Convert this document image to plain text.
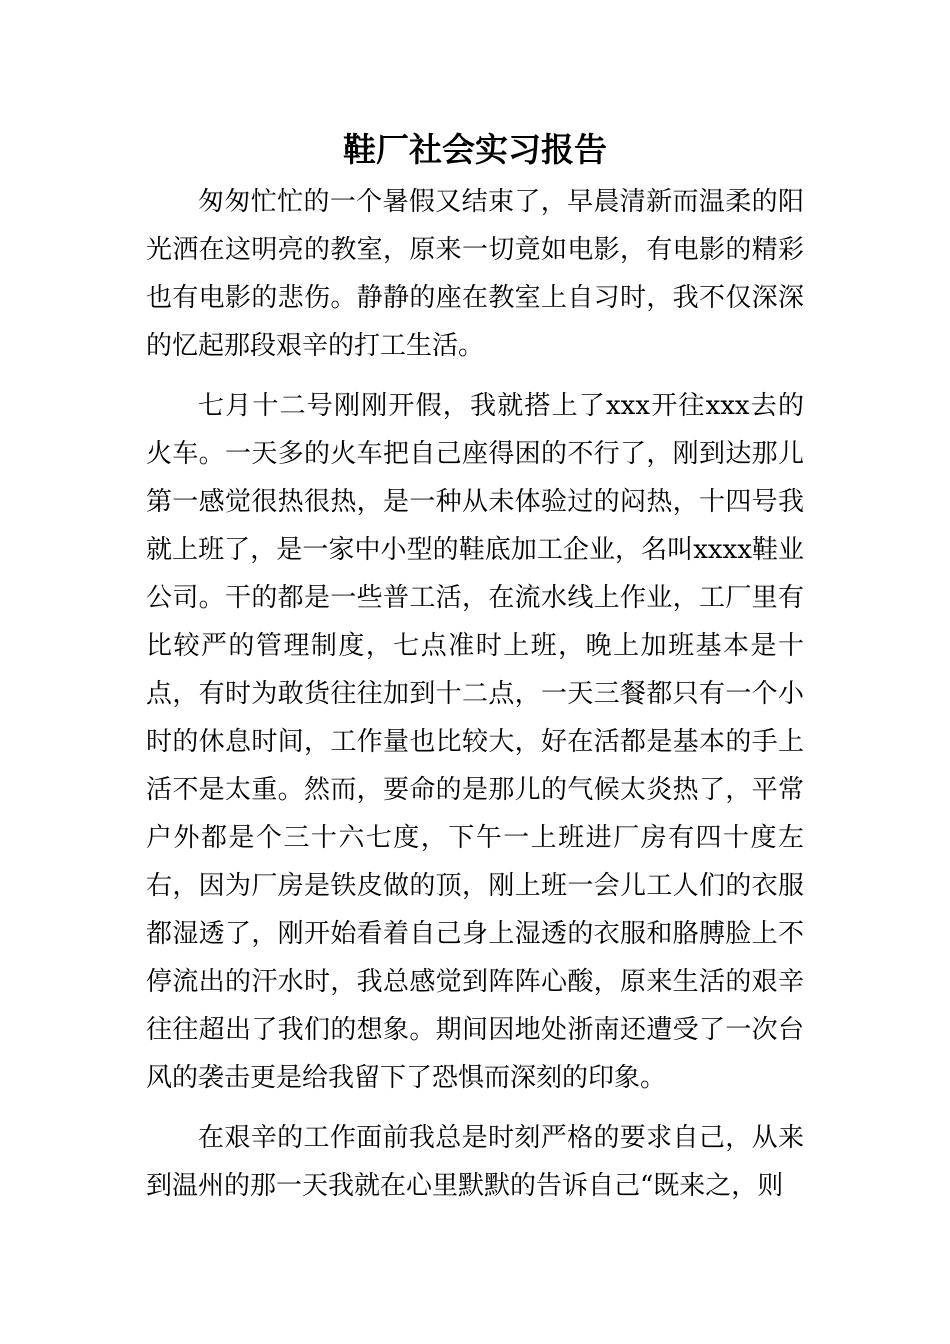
鞋厂社会实习报告

匆匆忙忙的一个暑假又结束了，早晨清新而温柔的阳光洒在这明亮的教室，原来一切竟如电影，有电影的精彩也有电影的悲伤。静静的座在教室上自习时，我不仅深深的忆起那段艰辛的打工生活。

七月十二号刚刚开假，我就搭上了xxx开往xxx去的火车。一天多的火车把自己座得困的不行了，刚到达那儿第一感觉很热很热，是一种从未体验过的闷热，十四号我就上班了，是一家中小型的鞋底加工企业，名叫xxxx鞋业公司。干的都是一些普工活，在流水线上作业，工厂里有比较严的管理制度，七点准时上班，晚上加班基本是十点，有时为敢货往往加到十二点，一天三餐都只有一个小时的休息时间，工作量也比较大，好在活都是基本的手上活不是太重。然而，要命的是那儿的气候太炎热了，平常户外都是个三十六七度，下午一上班进厂房有四十度左右，因为厂房是铁皮做的顶，刚上班一会儿工人们的衣服都湿透了，刚开始看着自己身上湿透的衣服和胳膊脸上不停流出的汗水时，我总感觉到阵阵心酸，原来生活的艰辛往往超出了我们的想象。期间因地处浙南还遭受了一次台风的袭击更是给我留下了恐惧而深刻的印象。

在艰辛的工作面前我总是时刻严格的要求自己，从来到温州的那一天我就在心里默默的告诉自己“既来之，则
